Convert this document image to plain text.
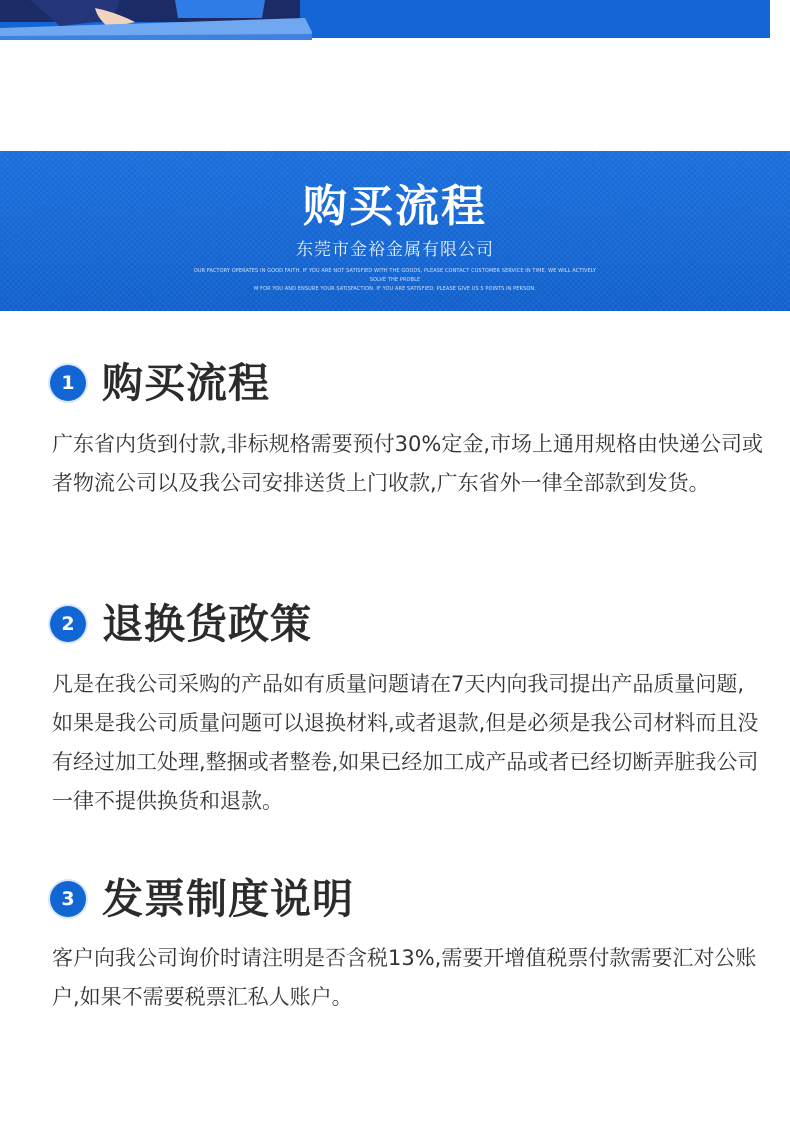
购买流程
东莞市金裕金属有限公司
OUR FACTORY OPERATES IN GOOD FAITH. IF YOU ARE NOT SATISFIED WITH THE GOODS, PLEASE CONTACT CUSTOMER SERVICE IN TIME. WE WILL ACTIVELY SOLVE THE PROBLE
M FOR YOU AND ENSURE YOUR SATISFACTION. IF YOU ARE SATISFIED, PLEASE GIVE US 5 POINTS IN PERSON.
1 购买流程

广东省内货到付款,非标规格需要预付30%定金,市场上通用规格由快递公司或者物流公司以及我公司安排送货上门收款,广东省外一律全部款到发货。

2 退换货政策

凡是在我公司采购的产品如有质量问题请在7天内向我司提出产品质量问题,如果是我公司质量问题可以退换材料,或者退款,但是必须是我公司材料而且没有经过加工处理,整捆或者整卷,如果已经加工成产品或者已经切断弄脏我公司一律不提供换货和退款。

3 发票制度说明

客户向我公司询价时请注明是否含税13%,需要开增值税票付款需要汇对公账户,如果不需要税票汇私人账户。
